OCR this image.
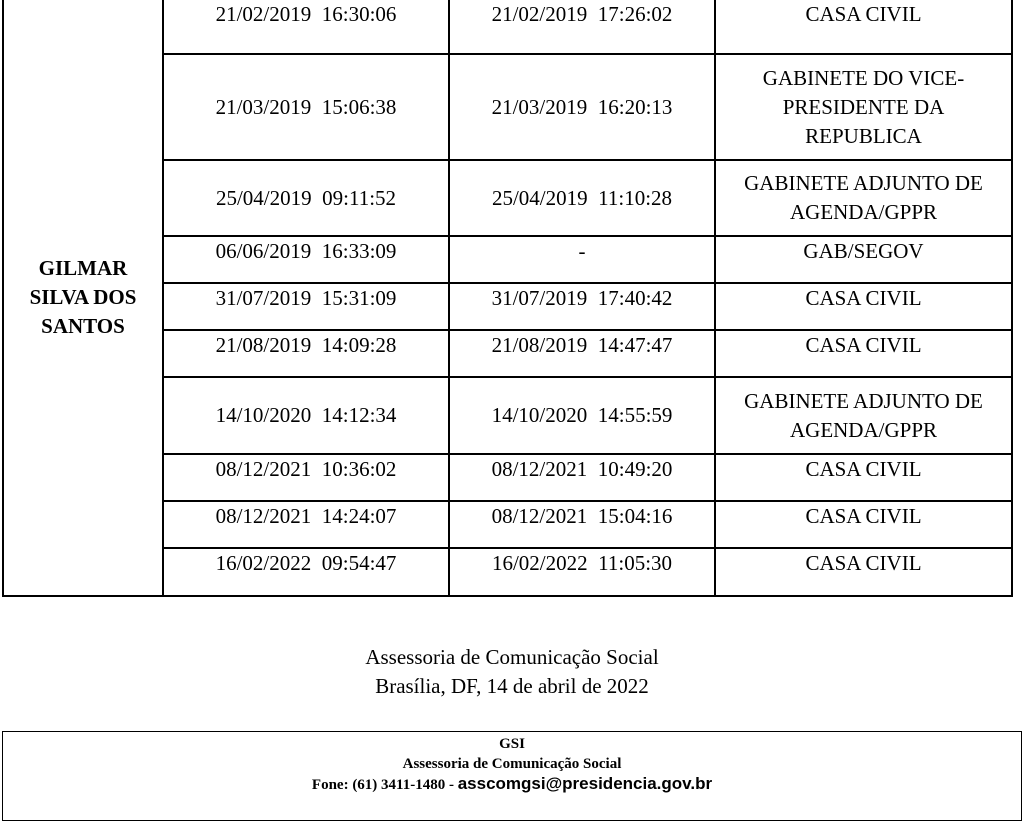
GILMAR
SILVA DOS
SANTOS	21/02/2019  16:30:06	21/02/2019  17:26:02	CASA CIVIL
	21/03/2019  15:06:38	21/03/2019  16:20:13	GABINETE DO VICE-
PRESIDENTE DA
REPUBLICA
	25/04/2019  09:11:52	25/04/2019  11:10:28	GABINETE ADJUNTO DE
AGENDA/GPPR
	06/06/2019  16:33:09	-	GAB/SEGOV
	31/07/2019  15:31:09	31/07/2019  17:40:42	CASA CIVIL
	21/08/2019  14:09:28	21/08/2019  14:47:47	CASA CIVIL
	14/10/2020  14:12:34	14/10/2020  14:55:59	GABINETE ADJUNTO DE
AGENDA/GPPR
	08/12/2021  10:36:02	08/12/2021  10:49:20	CASA CIVIL
	08/12/2021  14:24:07	08/12/2021  15:04:16	CASA CIVIL
	16/02/2022  09:54:47	16/02/2022  11:05:30	CASA CIVIL
Assessoria de Comunicação Social
Brasília, DF, 14 de abril de 2022
GSI
Assessoria de Comunicação Social
Fone: (61) 3411-1480 - asscomgsi@presidencia.gov.br
